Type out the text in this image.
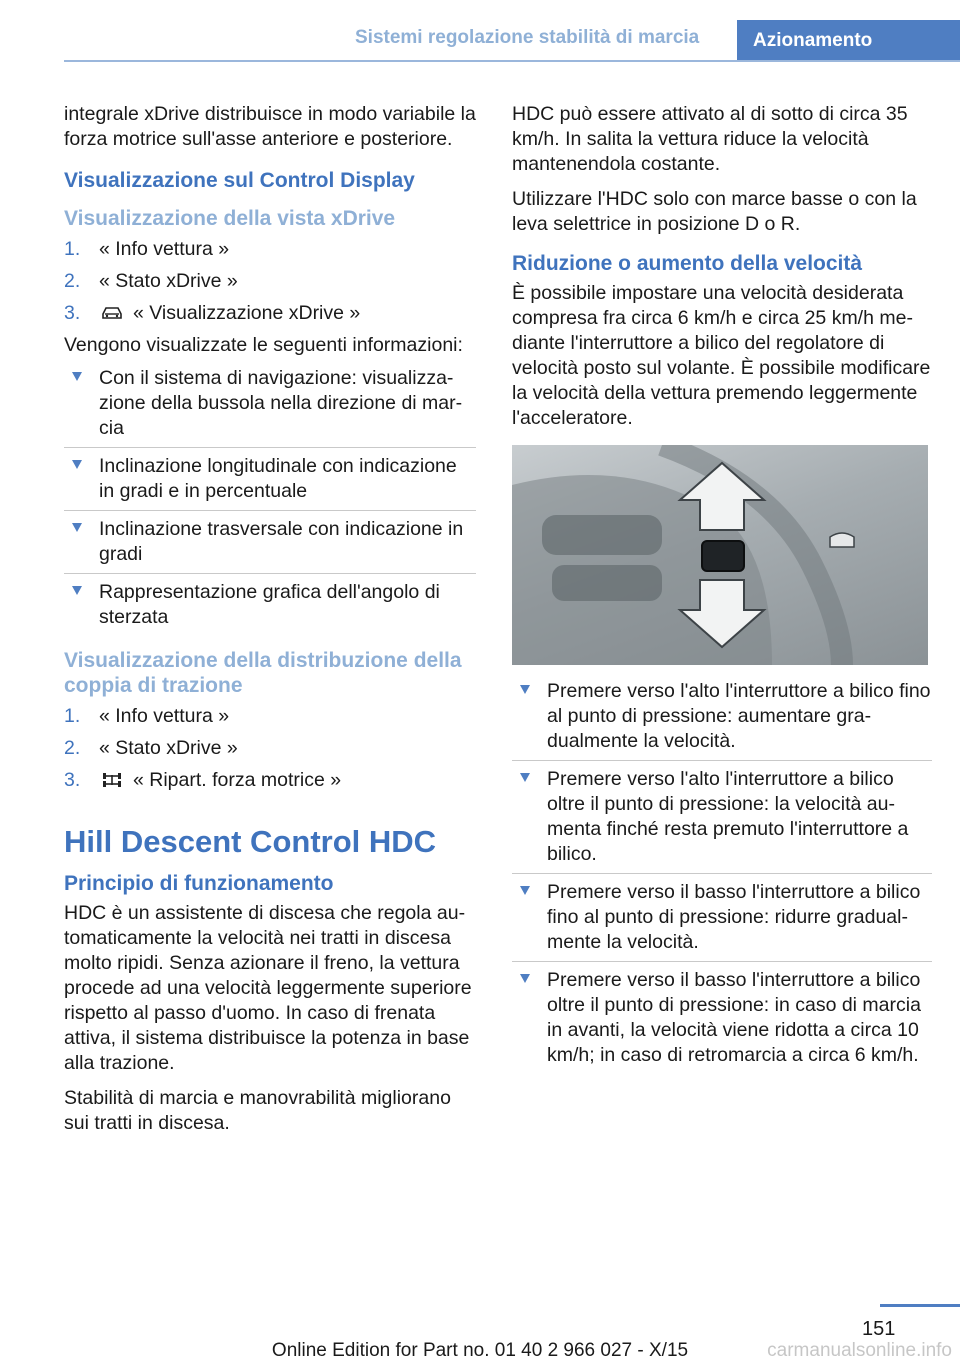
Sistemi regolazione stabilità di marcia	Azionamento

integrale xDrive distribuisce in modo variabile la forza motrice sull'asse anteriore e posteriore.

Visualizzazione sul Control Display
Visualizzazione della vista xDrive
1. « Info vettura »
2. « Stato xDrive »
3.	« Visualizzazione xDrive »

Vengono visualizzate le seguenti informazioni:

Con il sistema di navigazione: visualizzazione della bussola nella direzione di marcia
Inclinazione longitudinale con indicazione in gradi e in percentuale
Inclinazione trasversale con indicazione in gradi
Rappresentazione grafica dell'angolo di sterzata
Visualizzazione della distribuzione della coppia di trazione
1. « Info vettura »
2. « Stato xDrive »
3.	« Ripart. forza motrice »
Hill Descent Control HDC
Principio di funzionamento

HDC è un assistente di discesa che regola automaticamente la velocità nei tratti in discesa molto ripidi. Senza azionare il freno, la vettura procede ad una velocità leggermente superiore rispetto al passo d'uomo. In caso di frenata attiva, il sistema distribuisce la potenza in base alla trazione.

Stabilità di marcia e manovrabilità migliorano sui tratti in discesa.

HDC può essere attivato al di sotto di circa 35 km/h. In salita la vettura riduce la velocità mantenendola costante.

Utilizzare l'HDC solo con marce basse o con la leva selettrice in posizione D o R.

Riduzione o aumento della velocità

È possibile impostare una velocità desiderata compresa fra circa 6 km/h e circa 25 km/h mediante l'interruttore a bilico del regolatore di velocità posto sul volante. È possibile modificare la velocità della vettura premendo leggermente l'acceleratore.

Premere verso l'alto l'interruttore a bilico fino al punto di pressione: aumentare gradualmente la velocità.
Premere verso l'alto l'interruttore a bilico oltre il punto di pressione: la velocità aumenta finché resta premuto l'interruttore a bilico.
Premere verso il basso l'interruttore a bilico fino al punto di pressione: ridurre gradualmente la velocità.
Premere verso il basso l'interruttore a bilico oltre il punto di pressione: in caso di marcia in avanti, la velocità viene ridotta a circa 10 km/h; in caso di retromarcia a circa 6 km/h.
151
Online Edition for Part no. 01 40 2 966 027 - X/15	carmanualsonline.info
